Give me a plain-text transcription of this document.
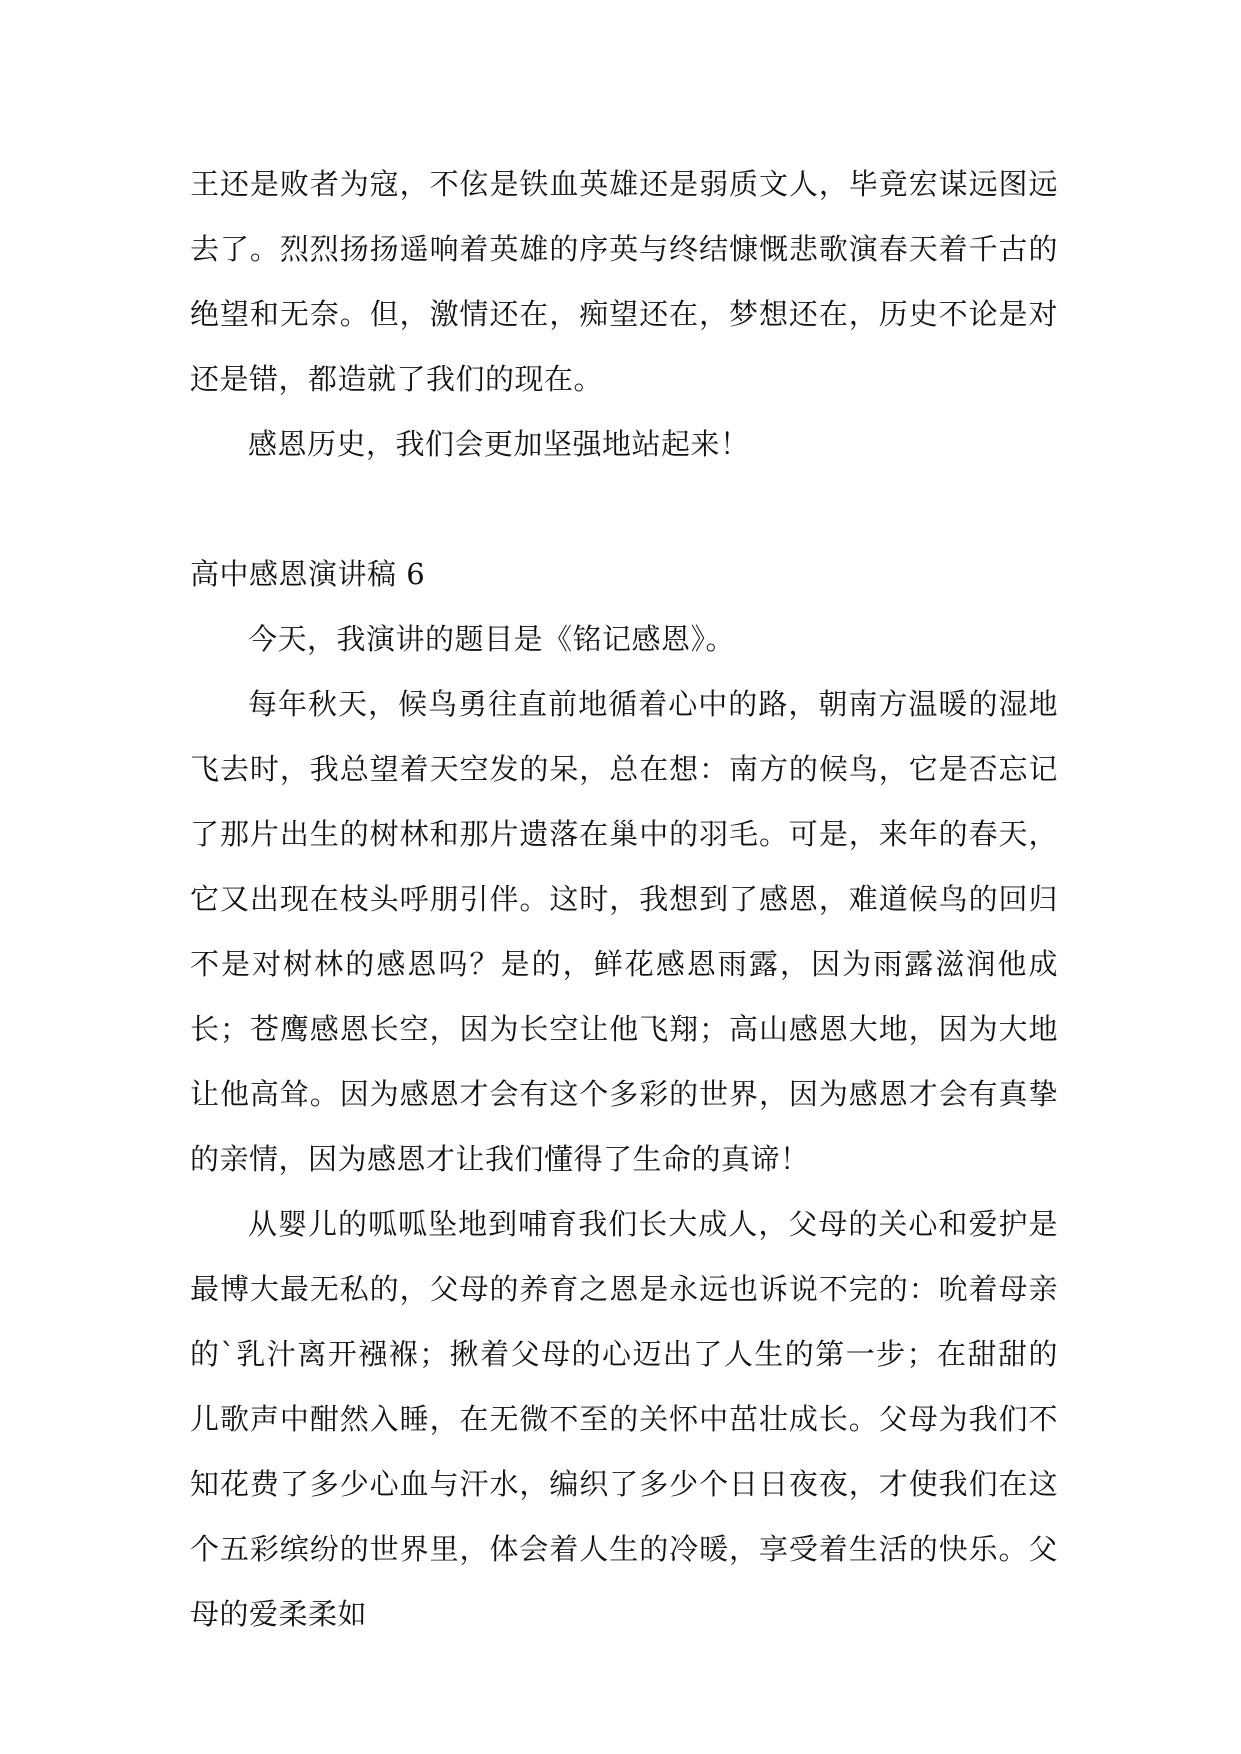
王还是败者为寇，不伭是铁血英雄还是弱质文人，毕竟宏谋远图远去了。烈烈扬扬遥响着英雄的序英与终结慷慨悲歌演春天着千古的绝望和无奈。但，激情还在，痴望还在，梦想还在，历史不论是对还是错，都造就了我们的现在。

感恩历史，我们会更加坚强地站起来！

高中感恩演讲稿 6

今天，我演讲的题目是《铭记感恩》。

每年秋天，候鸟勇往直前地循着心中的路，朝南方温暖的湿地飞去时，我总望着天空发的呆，总在想：南方的候鸟，它是否忘记了那片出生的树林和那片遗落在巢中的羽毛。可是，来年的春天，它又出现在枝头呼朋引伴。这时，我想到了感恩，难道候鸟的回归不是对树林的感恩吗？是的，鲜花感恩雨露，因为雨露滋润他成长；苍鹰感恩长空，因为长空让他飞翔；高山感恩大地，因为大地让他高耸。因为感恩才会有这个多彩的世界，因为感恩才会有真挚的亲情，因为感恩才让我们懂得了生命的真谛！

从婴儿的呱呱坠地到哺育我们长大成人，父母的关心和爱护是最博大最无私的，父母的养育之恩是永远也诉说不完的：吮着母亲的`乳汁离开襁褓；揪着父母的心迈出了人生的第一步；在甜甜的儿歌声中酣然入睡，在无微不至的关怀中茁壮成长。父母为我们不知花费了多少心血与汗水，编织了多少个日日夜夜，才使我们在这个五彩缤纷的世界里，体会着人生的冷暖，享受着生活的快乐。父母的爱柔柔如
